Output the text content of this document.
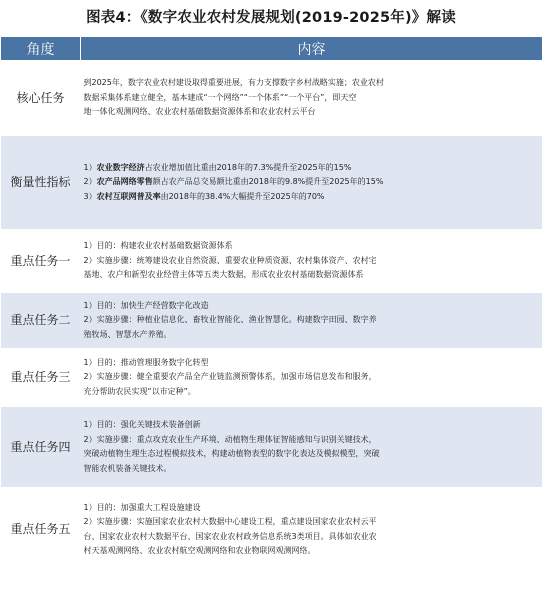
图表4：《数字农业农村发展规划(2019-2025年)》解读
角度	内容
核心任务	到2025年，数字农业农村建设取得重要进展，有力支撑数字乡村战略实施；农业农村
数据采集体系建立健全，基本建成“一个网络”“一个体系”“一个平台”，即天空
地一体化观测网络、农业农村基础数据资源体系和农业农村云平台

衡量性指标	1）农业数字经济占农业增加值比重由2018年的7.3%提升至2025年的15%
2）农产品网络零售额占农产品总交易额比重由2018年的9.8%提升至2025年的15%
3）农村互联网普及率由2018年的38.4%大幅提升至2025年的70%

重点任务一	1）目的：构建农业农村基础数据资源体系
2）实施步骤：统筹建设农业自然资源、重要农业种质资源、农村集体资产、农村宅
基地、农户和新型农业经营主体等五类大数据，形成农业农村基础数据资源体系

重点任务二	1）目的：加快生产经营数字化改造
2）实施步骤：种植业信息化、畜牧业智能化、渔业智慧化。构建数字田园、数字养
殖牧场、智慧水产养殖。

重点任务三	1）目的：推动管理服务数字化转型
2）实施步骤：健全重要农产品全产业链监测预警体系，加强市场信息发布和服务，
充分帮助农民实现“以市定种”。

重点任务四	1）目的：强化关键技术装备创新
2）实施步骤：重点攻克农业生产环境、动植物生理体征智能感知与识别关键技术，
突破动植物生理生态过程模拟技术，构建动植物表型的数字化表达及模拟模型，突破
智能农机装备关键技术。

重点任务五	1）目的：加强重大工程设施建设
2）实施步骤：实施国家农业农村大数据中心建设工程，重点建设国家农业农村云平
台、国家农业农村大数据平台、国家农业农村政务信息系统3类项目。具体如农业农
村天基观测网络、农业农村航空观测网络和农业物联网观测网络。
